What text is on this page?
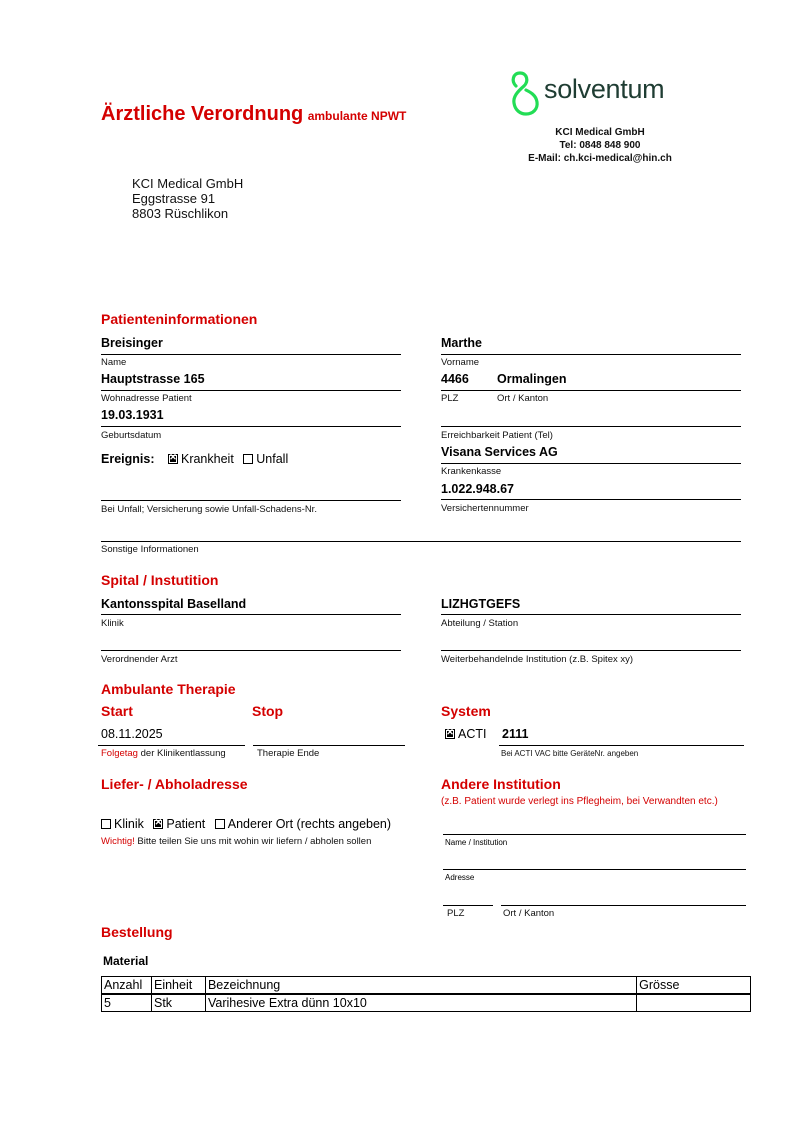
Ärztliche Verordnung ambulante NPWT
solventum
KCI Medical GmbH
Tel: 0848 848 900
E-Mail: ch.kci-medical@hin.ch
KCI Medical GmbH
Eggstrasse 91
8803 Rüschlikon
Patienteninformationen
Breisinger
Name
Hauptstrasse 165
Wohnadresse Patient
19.03.1931
Geburtsdatum
Ereignis: ✕ Krankheit Unfall
Bei Unfall; Versicherung sowie Unfall-Schadens-Nr.
Sonstige Informationen
Marthe
Vorname
4466
PLZ
Ormalingen
Ort / Kanton
Erreichbarkeit Patient (Tel)
Visana Services AG
Krankenkasse
1.022.948.67
Versichertennummer
Spital / Instutition
Kantonsspital Baselland
Klinik
Verordnender Arzt
LIZHGTGEFS
Abteilung / Station
Weiterbehandelnde Institution (z.B. Spitex xy)
Ambulante Therapie
Start	Stop
08.11.2025
Folgetag der Klinikentlassung	Therapie Ende
System
✕ACTI 2111
Bei ACTI VAC bitte GeräteNr. angeben
Liefer- / Abholadresse
Klinik ✕ Patient Anderer Ort (rechts angeben)
Wichtig! Bitte teilen Sie uns mit wohin wir liefern / abholen sollen
Andere Institution
(z.B. Patient wurde verlegt ins Pflegheim, bei Verwandten etc.)
Name / Institution
Adresse
PLZ	Ort / Kanton
Bestellung
Material
Anzahl	Einheit	Bezeichnung	Grösse
5	Stk	Varihesive Extra dünn 10x10	
